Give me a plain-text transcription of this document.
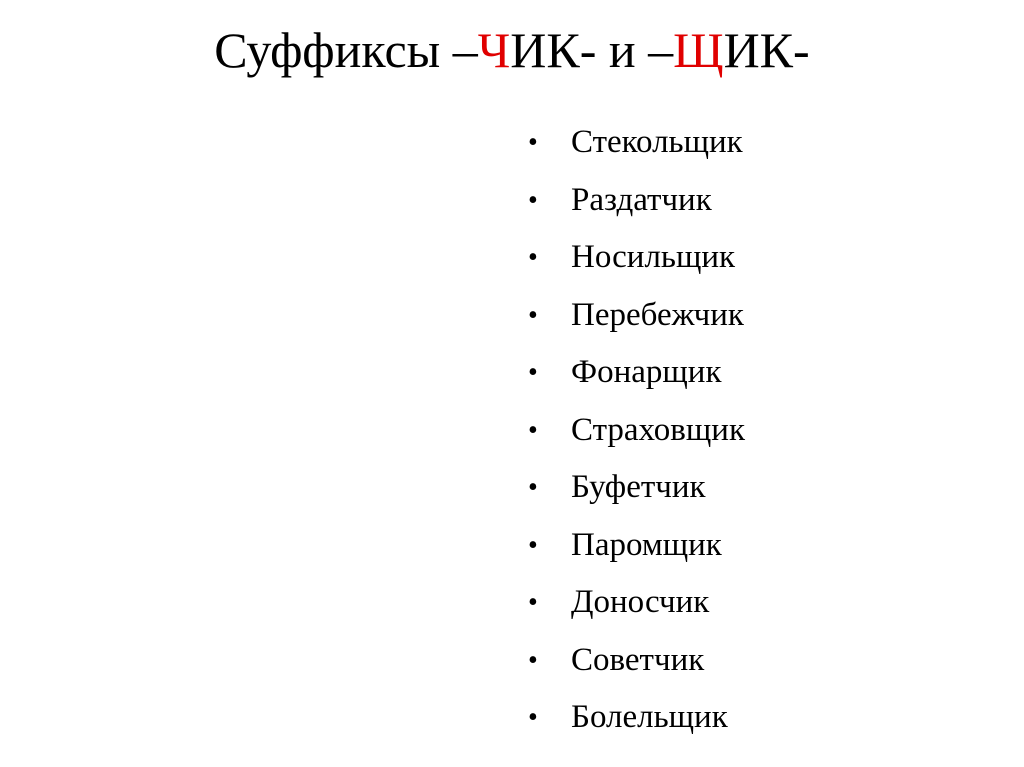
Суффиксы –ЧИК- и –ЩИК-
• Стекольщик
• Раздатчик
• Носильщик
• Перебежчик
• Фонарщик
• Страховщик
• Буфетчик
• Паромщик
• Доносчик
• Советчик
• Болельщик
